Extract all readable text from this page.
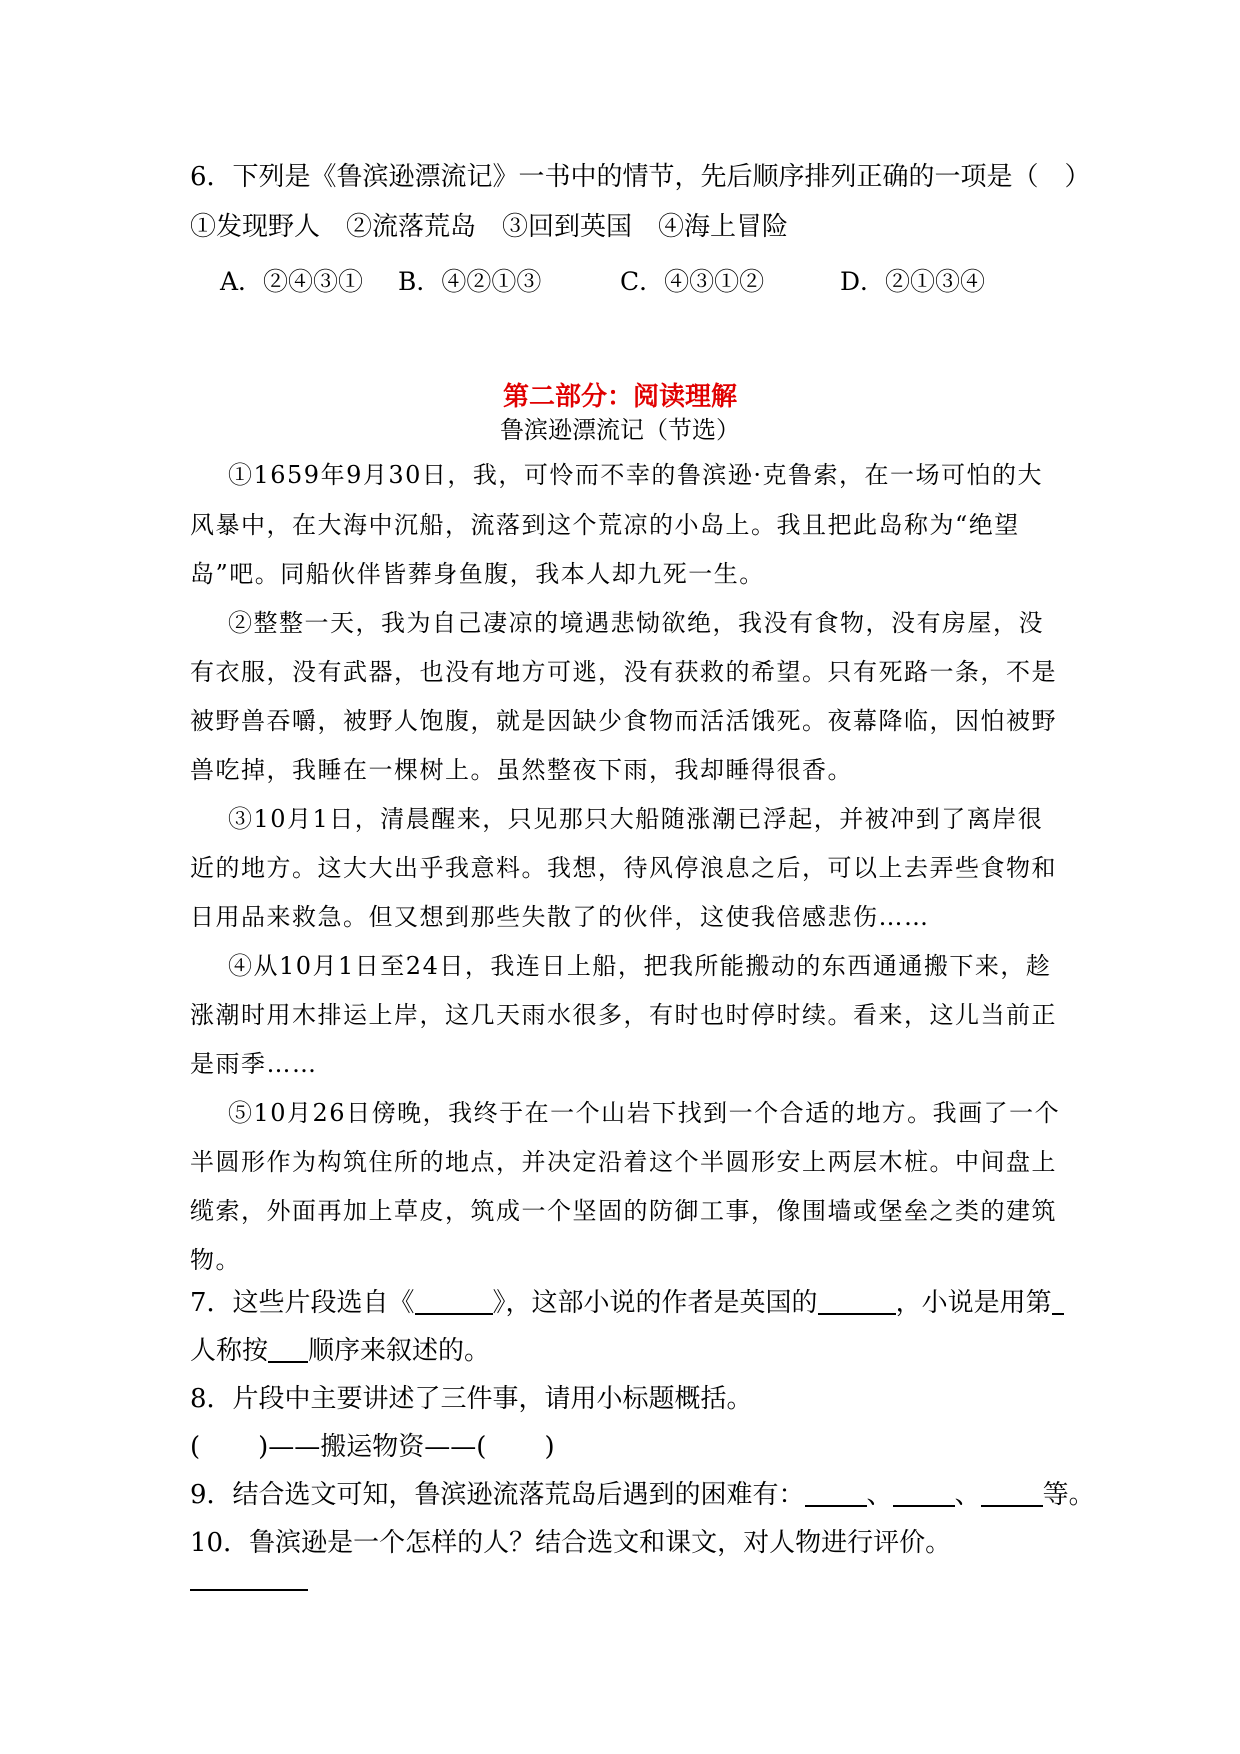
6．下列是《鲁滨逊漂流记》一书中的情节，先后顺序排列正确的一项是（　）
①发现野人　②流落荒岛　③回到英国　④海上冒险
A．②④③① B．④②①③	C．④③①②	D．②①③④
第二部分：阅读理解
鲁滨逊漂流记（节选）
①1659年9月30日，我，可怜而不幸的鲁滨逊·克鲁索，在一场可怕的大
风暴中，在大海中沉船，流落到这个荒凉的小岛上。我且把此岛称为“绝望
岛”吧。同船伙伴皆葬身鱼腹，我本人却九死一生。
②整整一天，我为自己凄凉的境遇悲恸欲绝，我没有食物，没有房屋，没
有衣服，没有武器，也没有地方可逃，没有获救的希望。只有死路一条，不是
被野兽吞嚼，被野人饱腹，就是因缺少食物而活活饿死。夜幕降临，因怕被野
兽吃掉，我睡在一棵树上。虽然整夜下雨，我却睡得很香。
③10月1日，清晨醒来，只见那只大船随涨潮已浮起，并被冲到了离岸很
近的地方。这大大出乎我意料。我想，待风停浪息之后，可以上去弄些食物和
日用品来救急。但又想到那些失散了的伙伴，这使我倍感悲伤……
④从10月1日至24日，我连日上船，把我所能搬动的东西通通搬下来，趁
涨潮时用木排运上岸，这几天雨水很多，有时也时停时续。看来，这儿当前正
是雨季……
⑤10月26日傍晚，我终于在一个山岩下找到一个合适的地方。我画了一个
半圆形作为构筑住所的地点，并决定沿着这个半圆形安上两层木桩。中间盘上
缆索，外面再加上草皮，筑成一个坚固的防御工事，像围墙或堡垒之类的建筑
物。
7．这些片段选自《	》，这部小说的作者是英国的	，小说是用第
人称按 顺序来叙述的。
8．片段中主要讲述了三件事，请用小标题概括。
( )——搬运物资——( )
9．结合选文可知，鲁滨逊流落荒岛后遇到的困难有： 、 、 等。
10．鲁滨逊是一个怎样的人？结合选文和课文，对人物进行评价。
